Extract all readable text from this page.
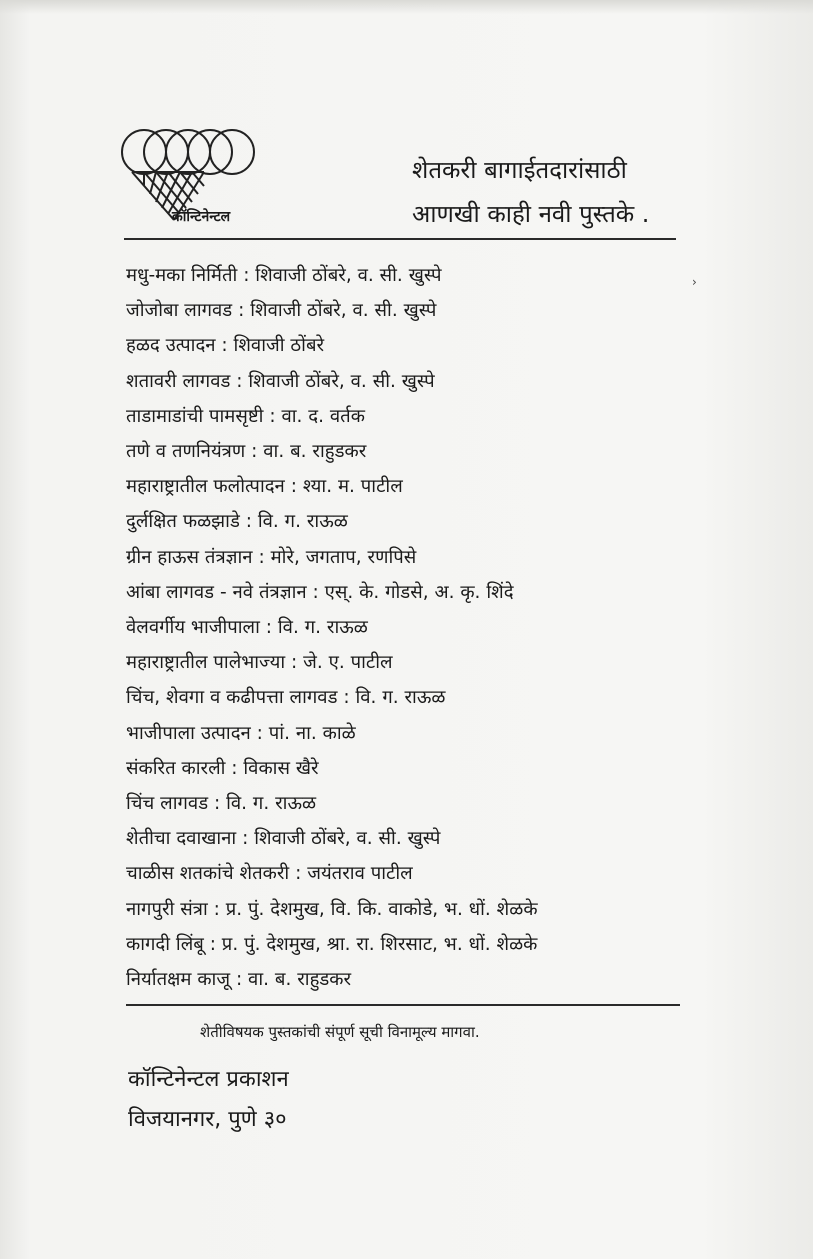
कॉन्टिनेन्टल
शेतकरी बागाईतदारांसाठी
आणखी काही नवी पुस्तके .
›
मधु-मका निर्मिती : शिवाजी ठोंबरे, व. सी. खुस्पे
जोजोबा लागवड : शिवाजी ठोंबरे, व. सी. खुस्पे
हळद उत्पादन : शिवाजी ठोंबरे
शतावरी लागवड : शिवाजी ठोंबरे, व. सी. खुस्पे
ताडामाडांची पामसृष्टी : वा. द. वर्तक
तणे व तणनियंत्रण : वा. ब. राहुडकर
महाराष्ट्रातील फलोत्पादन : श्या. म. पाटील
दुर्लक्षित फळझाडे : वि. ग. राऊळ
ग्रीन हाऊस तंत्रज्ञान : मोरे, जगताप, रणपिसे
आंबा लागवड - नवे तंत्रज्ञान : एस्. के. गोडसे, अ. कृ. शिंदे
वेलवर्गीय भाजीपाला : वि. ग. राऊळ
महाराष्ट्रातील पालेभाज्या : जे. ए. पाटील
चिंच, शेवगा व कढीपत्ता लागवड : वि. ग. राऊळ
भाजीपाला उत्पादन : पां. ना. काळे
संकरित कारली : विकास खैरे
चिंच लागवड : वि. ग. राऊळ
शेतीचा दवाखाना : शिवाजी ठोंबरे, व. सी. खुस्पे
चाळीस शतकांचे शेतकरी : जयंतराव पाटील
नागपुरी संत्रा : प्र. पुं. देशमुख, वि. कि. वाकोडे, भ. धों. शेळके
कागदी लिंबू : प्र. पुं. देशमुख, श्रा. रा. शिरसाट, भ. धों. शेळके
निर्यातक्षम काजू : वा. ब. राहुडकर
शेतीविषयक पुस्तकांची संपूर्ण सूची विनामूल्य मागवा.
कॉन्टिनेन्टल प्रकाशन
विजयानगर, पुणे ३०
